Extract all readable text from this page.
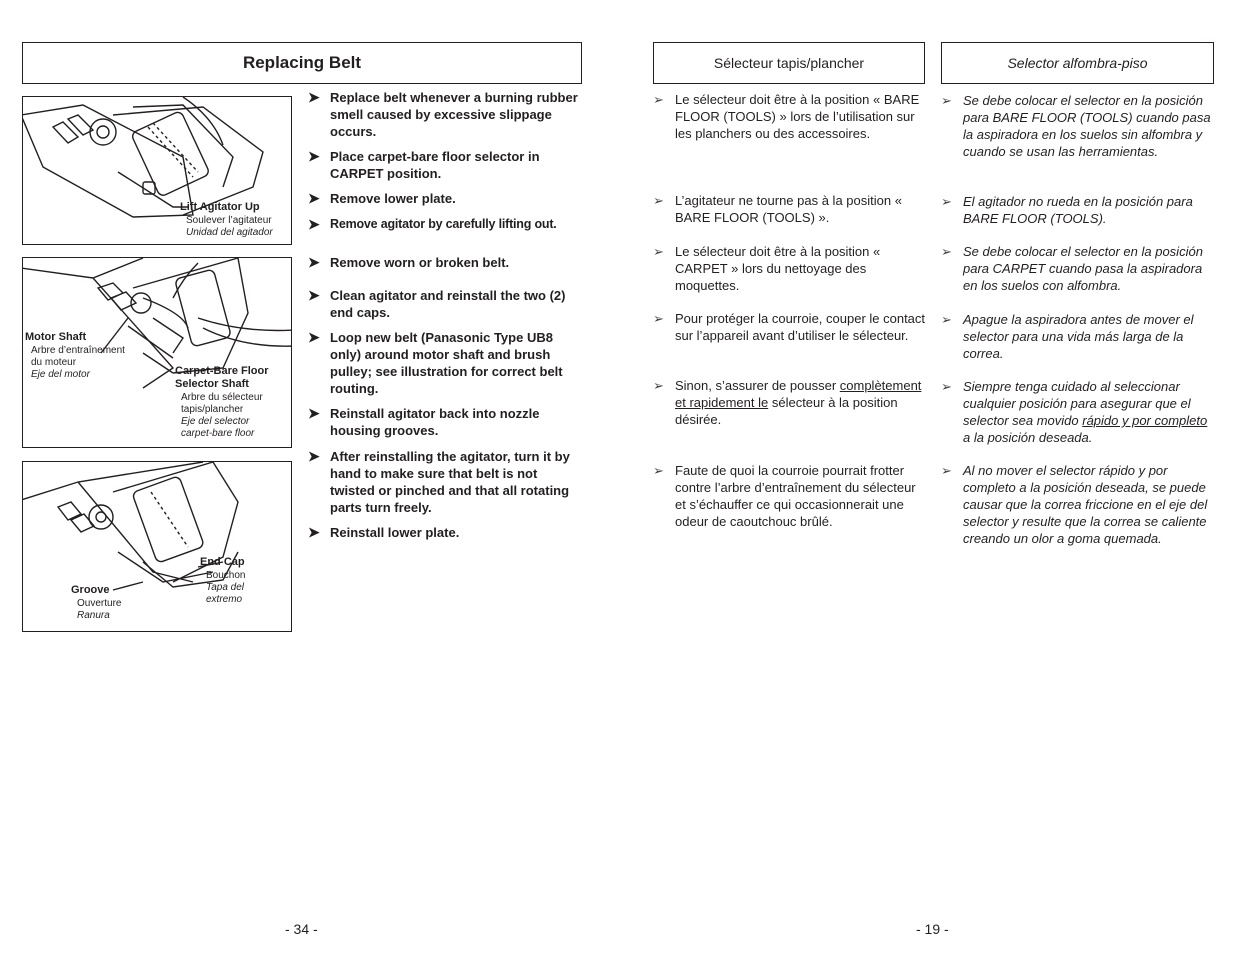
Replacing Belt
Lift Agitator Up
Soulever l’agitateur
Unidad del agitador
Motor Shaft
Arbre d’entraînement
du moteur
Eje del motor	Carpet-Bare Floor
Selector Shaft
Arbre du sélecteur
tapis/plancher
Eje del selector
carpet-bare floor
End Cap
Bouchon
Tapa del
extremo
Groove
Ouverture
Ranura
➤ Replace belt whenever a burning rubber smell caused by excessive slippage occurs.
➤ Place carpet-bare floor selector in CARPET position.
➤ Remove lower plate.
➤ Remove agitator by carefully lifting out.
➤ Remove worn or broken belt.
➤ Clean agitator and reinstall the two (2) end caps.
➤ Loop new belt (Panasonic Type UB8 only) around motor shaft and brush pulley; see illustration for correct belt routing.
➤ Reinstall agitator back into nozzle housing grooves.
➤ After reinstalling the agitator, turn it by hand to make sure that belt is not twisted or pinched and that all rotating parts turn freely.
➤ Reinstall lower plate.
- 34 -
Sélecteur tapis/plancher	Selector alfombra-piso
➢ Le sélecteur doit être à la position « BARE FLOOR (TOOLS) » lors de l’utilisation sur les planchers ou des accessoires.
➢ L’agitateur ne tourne pas à la position « BARE FLOOR (TOOLS) ».
➢ Le sélecteur doit être à la position « CARPET » lors du nettoyage des moquettes.
➢ Pour protéger la courroie, couper le contact sur l’appareil avant d’utiliser le sélecteur.
➢ Sinon, s’assurer de pousser complètement et rapidement le sélecteur à la position désirée.
➢ Faute de quoi la courroie pourrait frotter contre l’arbre d’entraînement du sélecteur et s’échauffer ce qui occasionnerait une odeur de caoutchouc brûlé.
➢ Se debe colocar el selector en la posición para BARE FLOOR (TOOLS) cuando pasa la aspiradora en los suelos sin alfombra y cuando se usan las herramientas.
➢ El agitador no rueda en la posición para BARE FLOOR (TOOLS).
➢ Se debe colocar el selector en la posición para CARPET cuando pasa la aspiradora en los suelos con alfombra.
➢ Apague la aspiradora antes de mover el selector para una vida más larga de la correa.
➢ Siempre tenga cuidado al seleccionar cualquier posición para asegurar que el selector sea movido rápido y por completo a la posición deseada.
➢ Al no mover el selector rápido y por completo a la posición deseada, se puede causar que la correa friccione en el eje del selector y resulte que la correa se caliente creando un olor a goma quemada.
- 19 -
